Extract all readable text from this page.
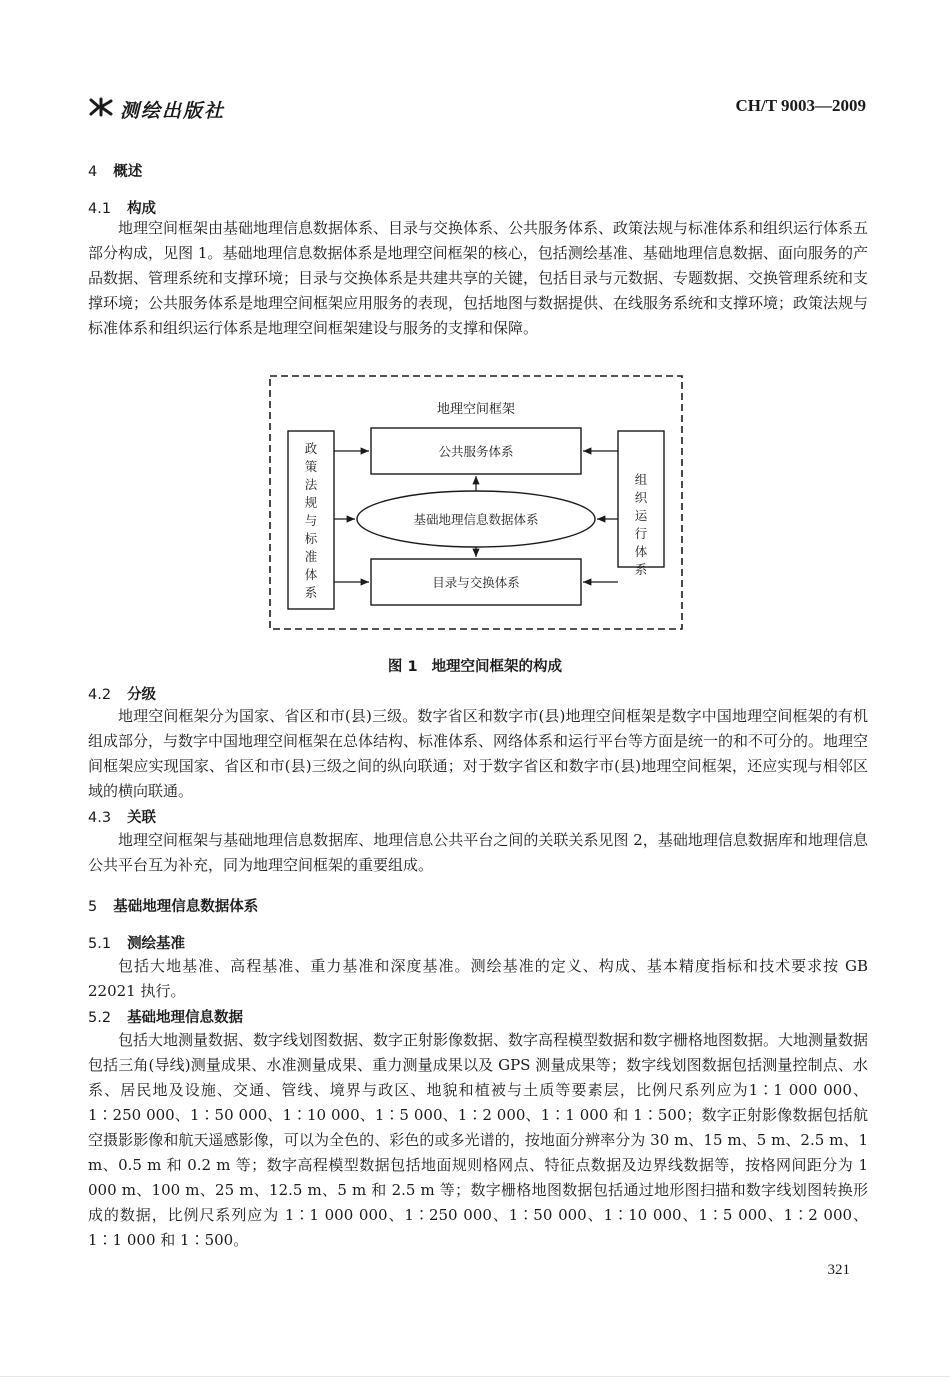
测绘出版社	CH/T 9003—2009
4 概述
4.1 构成
地理空间框架由基础地理信息数据体系、目录与交换体系、公共服务体系、政策法规与标准体系和组织运行体系五部分构成，见图 1。基础地理信息数据体系是地理空间框架的核心，包括测绘基准、基础地理信息数据、面向服务的产品数据、管理系统和支撑环境；目录与交换体系是共建共享的关键，包括目录与元数据、专题数据、交换管理系统和支撑环境；公共服务体系是地理空间框架应用服务的表现，包括地图与数据提供、在线服务系统和支撑环境；政策法规与标准体系和组织运行体系是地理空间框架建设与服务的支撑和保障。
地理空间框架
公共服务体系
基础地理信息数据体系
目录与交换体系
政
策
法
规
与
标
准
体
系
组
织
运
行
体
系
图 1 地理空间框架的构成
4.2 分级
地理空间框架分为国家、省区和市(县)三级。数字省区和数字市(县)地理空间框架是数字中国地理空间框架的有机组成部分，与数字中国地理空间框架在总体结构、标准体系、网络体系和运行平台等方面是统一的和不可分的。地理空间框架应实现国家、省区和市(县)三级之间的纵向联通；对于数字省区和数字市(县)地理空间框架，还应实现与相邻区域的横向联通。
4.3 关联
地理空间框架与基础地理信息数据库、地理信息公共平台之间的关联关系见图 2，基础地理信息数据库和地理信息公共平台互为补充，同为地理空间框架的重要组成。
5 基础地理信息数据体系
5.1 测绘基准
包括大地基准、高程基准、重力基准和深度基准。测绘基准的定义、构成、基本精度指标和技术要求按 GB 22021 执行。
5.2 基础地理信息数据
包括大地测量数据、数字线划图数据、数字正射影像数据、数字高程模型数据和数字栅格地图数据。大地测量数据包括三角(导线)测量成果、水准测量成果、重力测量成果以及 GPS 测量成果等；数字线划图数据包括测量控制点、水系、居民地及设施、交通、管线、境界与政区、地貌和植被与土质等要素层，比例尺系列应为1∶1 000 000、1∶250 000、1∶50 000、1∶10 000、1∶5 000、1∶2 000、1∶1 000 和 1∶500；数字正射影像数据包括航空摄影影像和航天遥感影像，可以为全色的、彩色的或多光谱的，按地面分辨率分为 30 m、15 m、5 m、2.5 m、1 m、0.5 m 和 0.2 m 等；数字高程模型数据包括地面规则格网点、特征点数据及边界线数据等，按格网间距分为 1 000 m、100 m、25 m、12.5 m、5 m 和 2.5 m 等；数字栅格地图数据包括通过地形图扫描和数字线划图转换形成的数据，比例尺系列应为 1∶1 000 000、1∶250 000、1∶50 000、1∶10 000、1∶5 000、1∶2 000、1∶1 000 和 1∶500。
321
